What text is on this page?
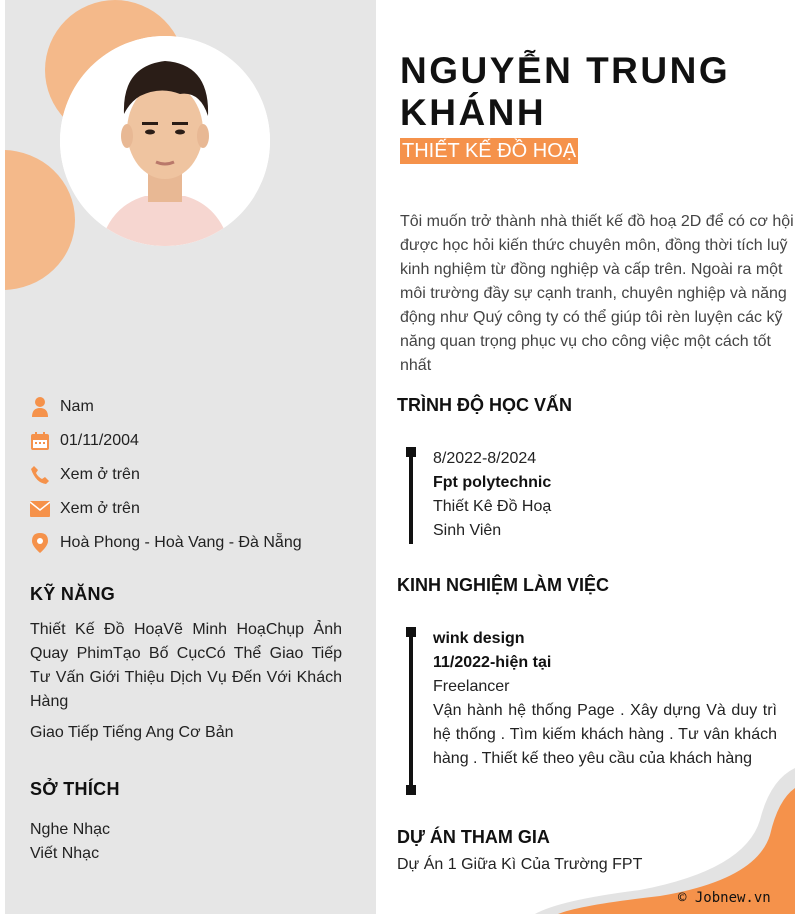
Nam
01/11/2004
Xem ở trên
Xem ở trên
Hoà Phong - Hoà Vang - Đà Nẵng
KỸ NĂNG
Thiết Kế Đồ HoạVẽ Minh HoạChụp Ảnh Quay PhimTạo Bố CụcCó Thể Giao Tiếp Tư Vấn Giới Thiệu Dịch Vụ Đến Với Khách Hàng
Giao Tiếp Tiếng Ang Cơ Bản
SỞ THÍCH
Nghe Nhạc
Viết Nhạc
NGUYỄN TRUNG KHÁNH
THIẾT KẾ ĐỒ HOẠ
Tôi muốn trở thành nhà thiết kế đồ hoạ 2D để có cơ hội được học hỏi kiến thức chuyên môn, đồng thời tích luỹ kinh nghiệm từ đồng nghiệp và cấp trên. Ngoài ra một môi trường đầy sự cạnh tranh, chuyên nghiệp và năng động như Quý công ty có thể giúp tôi rèn luyện các kỹ năng quan trọng phục vụ cho công việc một cách tốt nhất
TRÌNH ĐỘ HỌC VẤN
8/2022-8/2024
Fpt polytechnic
Thiết Kê Đồ Hoạ
Sinh Viên
KINH NGHIỆM LÀM VIỆC
wink design
11/2022-hiện tại
Freelancer
Vận hành hệ thống Page . Xây dựng Và duy trì hệ thống . Tìm kiếm khách hàng . Tư vân khách hàng . Thiết kế theo yêu cầu của khách hàng
DỰ ÁN THAM GIA
Dự Án 1 Giữa Kì Của Trường FPT
© Jobnew.vn
